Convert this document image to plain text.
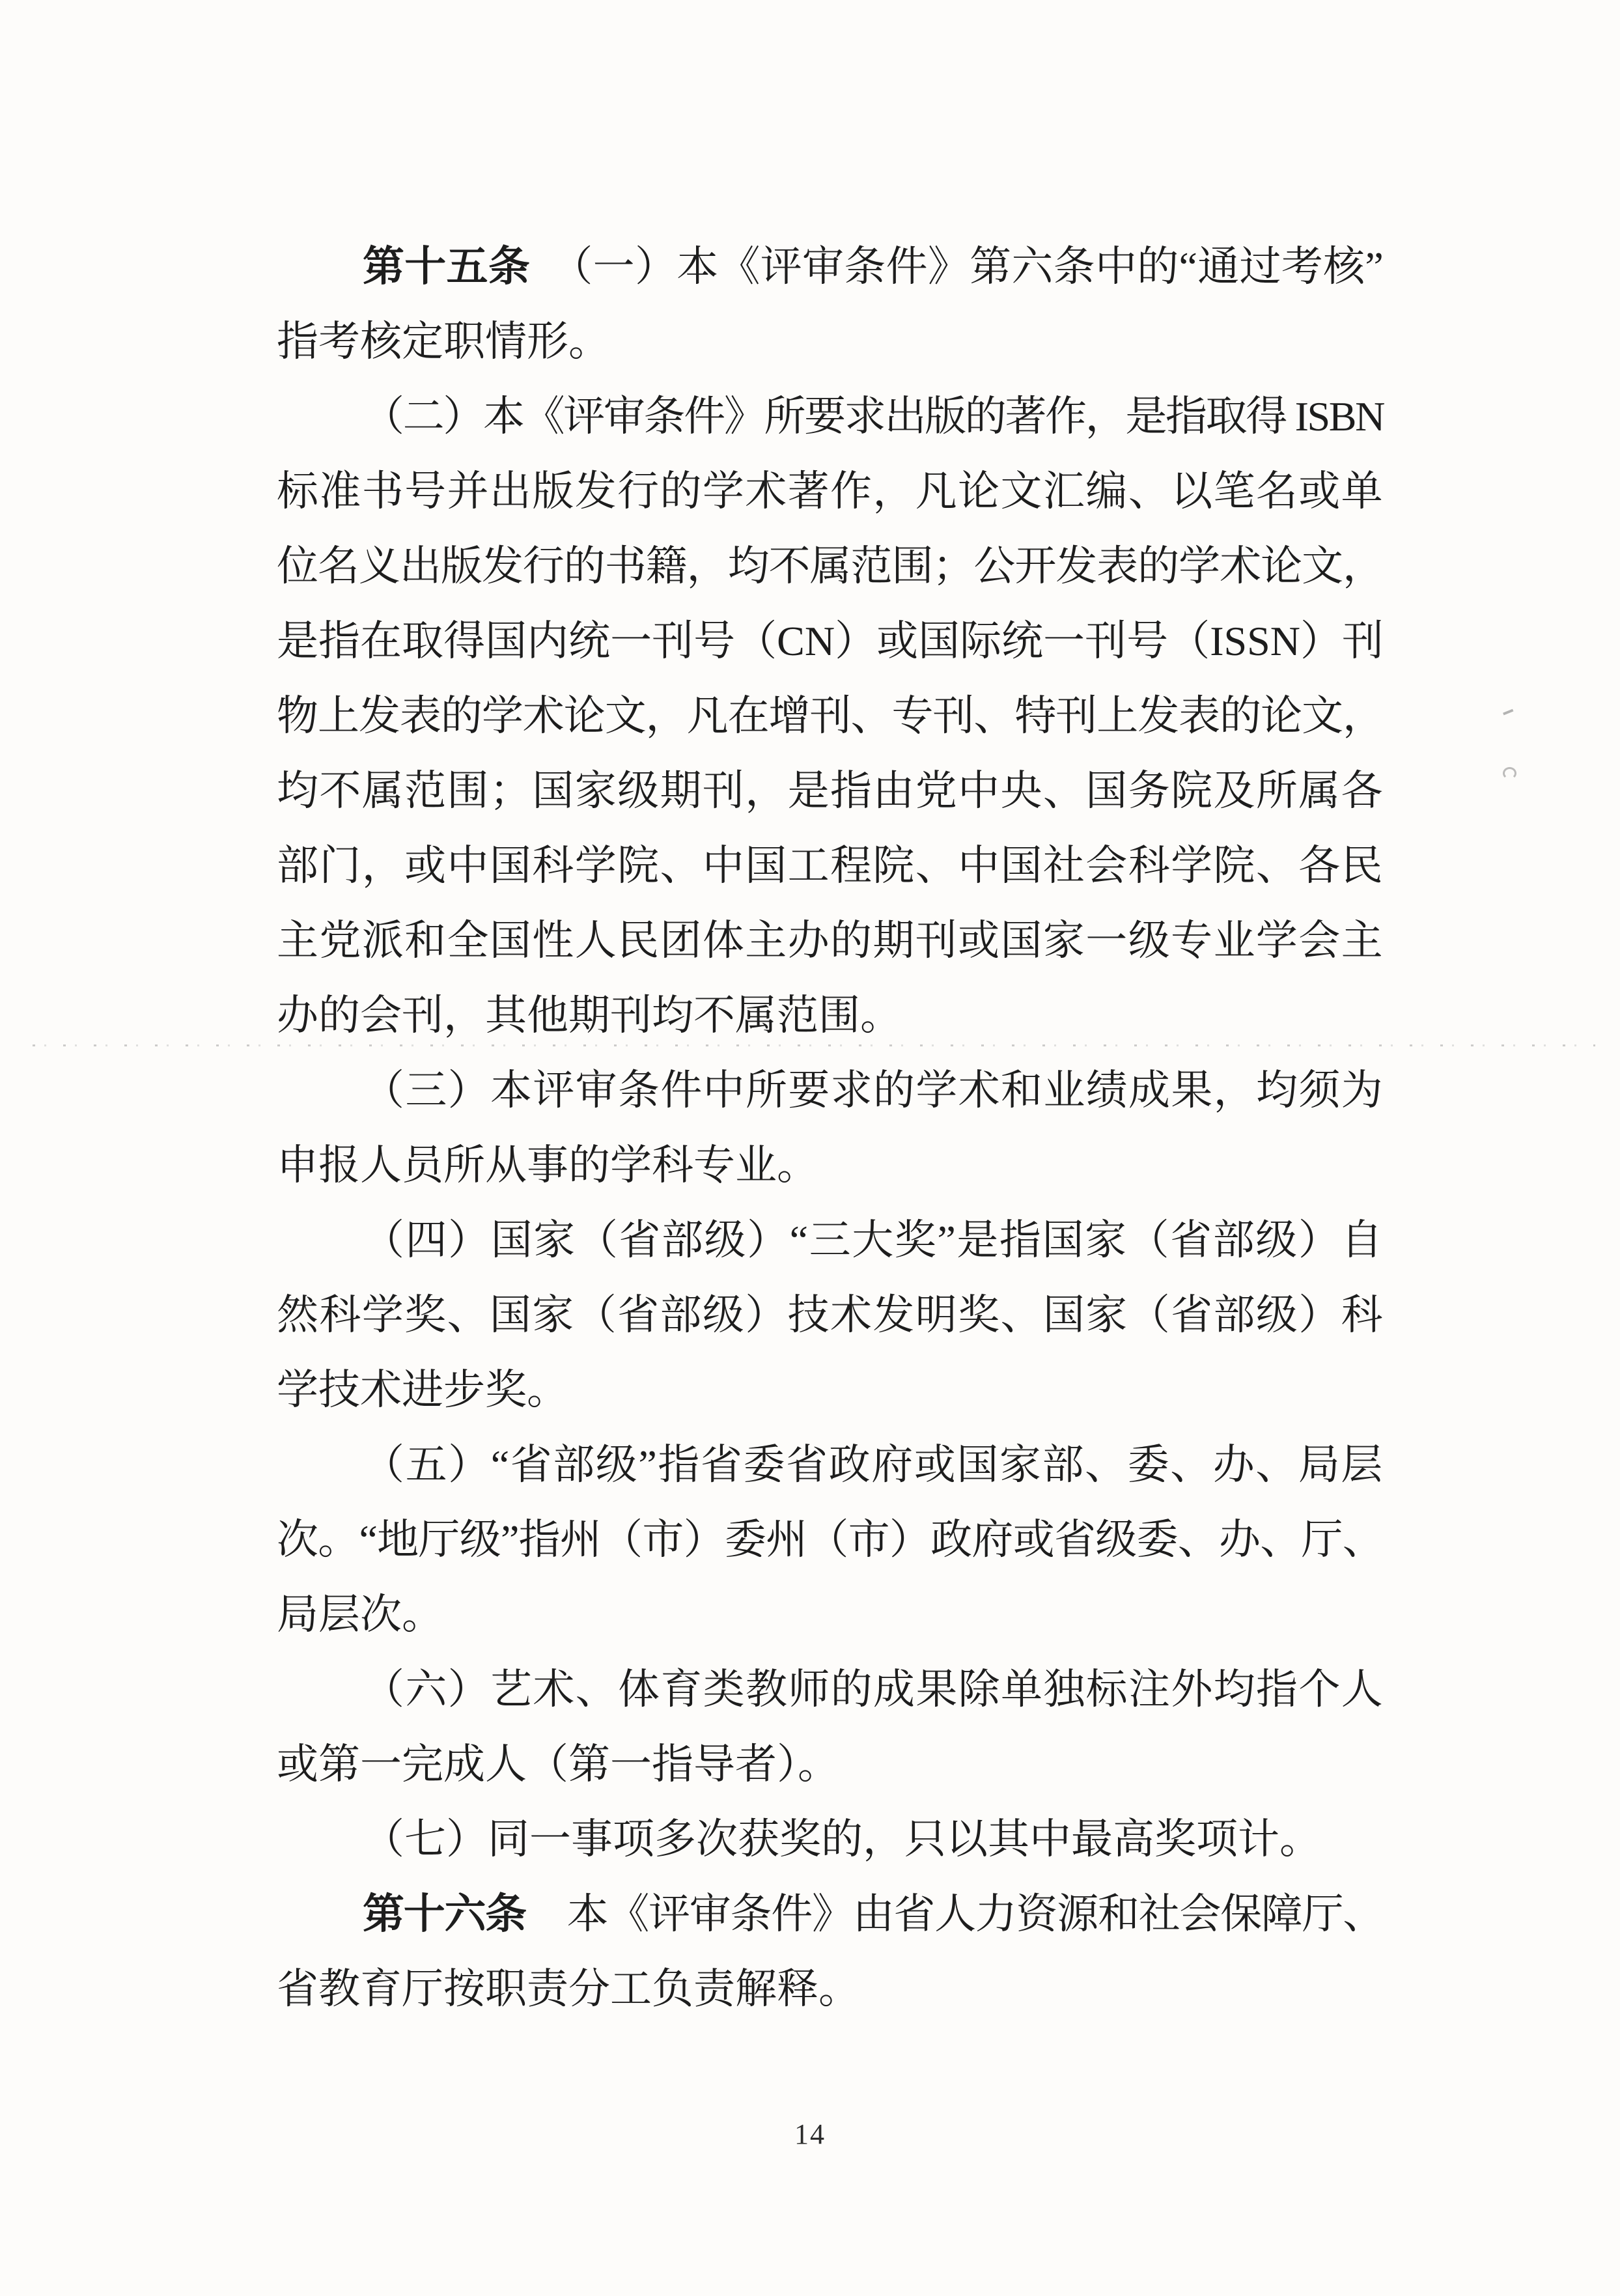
第十五条　（一）本《评审条件》第六条中的“通过考核”
指考核定职情形。
（二）本《评审条件》所要求出版的著作，是指取得 ISBN
标准书号并出版发行的学术著作，凡论文汇编、以笔名或单
位名义出版发行的书籍，均不属范围；公开发表的学术论文，
是指在取得国内统一刊号（CN）或国际统一刊号（ISSN）刊
物上发表的学术论文，凡在增刊、专刊、特刊上发表的论文，
均不属范围；国家级期刊，是指由党中央、国务院及所属各
部门，或中国科学院、中国工程院、中国社会科学院、各民
主党派和全国性人民团体主办的期刊或国家一级专业学会主
办的会刊，其他期刊均不属范围。
（三）本评审条件中所要求的学术和业绩成果，均须为
申报人员所从事的学科专业。
（四）国家（省部级）“三大奖”是指国家（省部级）自
然科学奖、国家（省部级）技术发明奖、国家（省部级）科
学技术进步奖。
（五）“省部级”指省委省政府或国家部、委、办、局层
次。“地厅级”指州（市）委州（市）政府或省级委、办、厅、
局层次。
（六）艺术、体育类教师的成果除单独标注外均指个人
或第一完成人（第一指导者）。
（七）同一事项多次获奖的，只以其中最高奖项计。
第十六条　本《评审条件》由省人力资源和社会保障厅、
省教育厅按职责分工负责解释。
14
